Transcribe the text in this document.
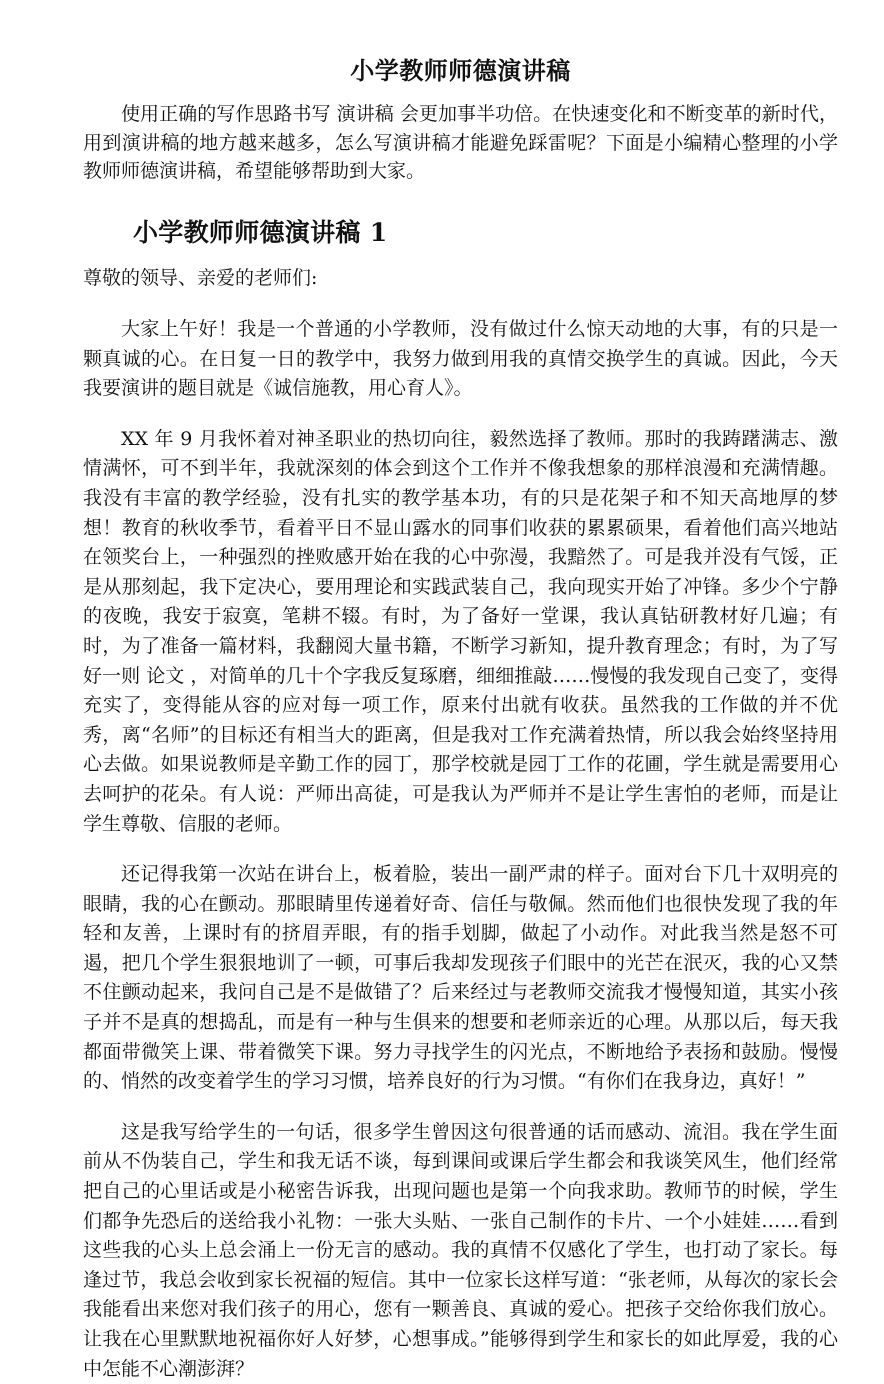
小学教师师德演讲稿

使用正确的写作思路书写 演讲稿 会更加事半功倍。在快速变化和不断变革的新时代，用到演讲稿的地方越来越多，怎么写演讲稿才能避免踩雷呢？下面是小编精心整理的小学教师师德演讲稿，希望能够帮助到大家。

小学教师师德演讲稿 1

尊敬的领导、亲爱的老师们:

大家上午好！我是一个普通的小学教师，没有做过什么惊天动地的大事，有的只是一颗真诚的心。在日复一日的教学中，我努力做到用我的真情交换学生的真诚。因此，今天我要演讲的题目就是《诚信施教，用心育人》。

XX 年 9 月我怀着对神圣职业的热切向往，毅然选择了教师。那时的我踌躇满志、激情满怀，可不到半年，我就深刻的体会到这个工作并不像我想象的那样浪漫和充满情趣。我没有丰富的教学经验，没有扎实的教学基本功，有的只是花架子和不知天高地厚的梦想！教育的秋收季节，看着平日不显山露水的同事们收获的累累硕果，看着他们高兴地站在领奖台上，一种强烈的挫败感开始在我的心中弥漫，我黯然了。可是我并没有气馁，正是从那刻起，我下定决心，要用理论和实践武装自己，我向现实开始了冲锋。多少个宁静的夜晚，我安于寂寞，笔耕不辍。有时，为了备好一堂课，我认真钻研教材好几遍；有时，为了准备一篇材料，我翻阅大量书籍，不断学习新知，提升教育理念；有时，为了写好一则 论文 ，对简单的几十个字我反复琢磨，细细推敲……慢慢的我发现自己变了，变得充实了，变得能从容的应对每一项工作，原来付出就有收获。虽然我的工作做的并不优秀，离“名师”的目标还有相当大的距离，但是我对工作充满着热情，所以我会始终坚持用心去做。如果说教师是辛勤工作的园丁，那学校就是园丁工作的花圃，学生就是需要用心去呵护的花朵。有人说：严师出高徒，可是我认为严师并不是让学生害怕的老师，而是让学生尊敬、信服的老师。

还记得我第一次站在讲台上，板着脸，装出一副严肃的样子。面对台下几十双明亮的眼睛，我的心在颤动。那眼睛里传递着好奇、信任与敬佩。然而他们也很快发现了我的年轻和友善，上课时有的挤眉弄眼，有的指手划脚，做起了小动作。对此我当然是怒不可遏，把几个学生狠狠地训了一顿，可事后我却发现孩子们眼中的光芒在泯灭，我的心又禁不住颤动起来，我问自己是不是做错了？后来经过与老教师交流我才慢慢知道，其实小孩子并不是真的想捣乱，而是有一种与生俱来的想要和老师亲近的心理。从那以后，每天我都面带微笑上课、带着微笑下课。努力寻找学生的闪光点，不断地给予表扬和鼓励。慢慢的、悄然的改变着学生的学习习惯，培养良好的行为习惯。“有你们在我身边，真好！”

这是我写给学生的一句话，很多学生曾因这句很普通的话而感动、流泪。我在学生面前从不伪装自己，学生和我无话不谈，每到课间或课后学生都会和我谈笑风生，他们经常把自己的心里话或是小秘密告诉我，出现问题也是第一个向我求助。教师节的时候，学生们都争先恐后的送给我小礼物：一张大头贴、一张自己制作的卡片、一个小娃娃……看到这些我的心头上总会涌上一份无言的感动。我的真情不仅感化了学生，也打动了家长。每逢过节，我总会收到家长祝福的短信。其中一位家长这样写道：“张老师，从每次的家长会我能看出来您对我们孩子的用心，您有一颗善良、真诚的爱心。把孩子交给你我们放心。让我在心里默默地祝福你好人好梦，心想事成。”能够得到学生和家长的如此厚爱，我的心中怎能不心潮澎湃？
